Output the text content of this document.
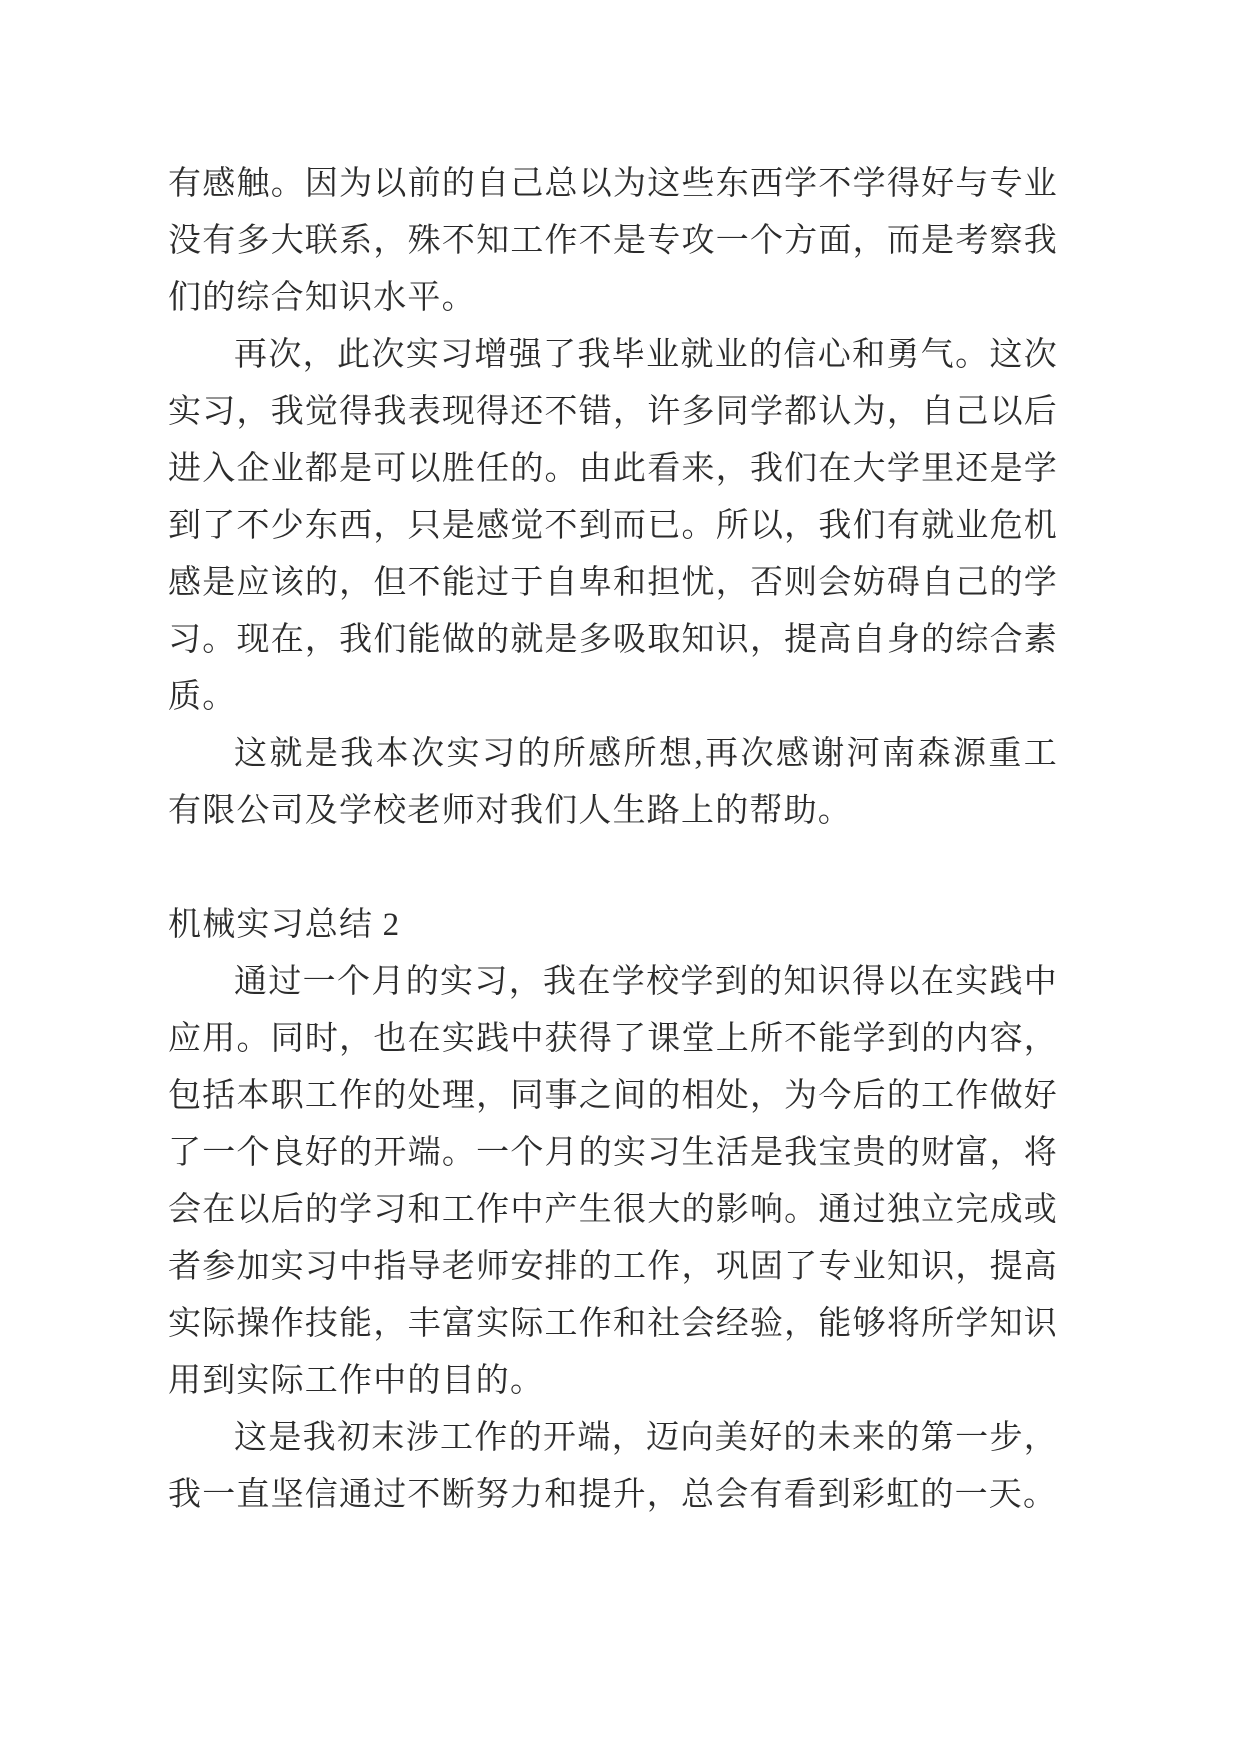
有感触。因为以前的自己总以为这些东西学不学得好与专业没有多大联系，殊不知工作不是专攻一个方面，而是考察我们的综合知识水平。

再次，此次实习增强了我毕业就业的信心和勇气。这次实习，我觉得我表现得还不错，许多同学都认为，自己以后进入企业都是可以胜任的。由此看来，我们在大学里还是学到了不少东西，只是感觉不到而已。所以，我们有就业危机感是应该的，但不能过于自卑和担忧，否则会妨碍自己的学习。现在，我们能做的就是多吸取知识，提高自身的综合素质。

这就是我本次实习的所感所想,再次感谢河南森源重工有限公司及学校老师对我们人生路上的帮助。

机械实习总结 2

通过一个月的实习，我在学校学到的知识得以在实践中应用。同时，也在实践中获得了课堂上所不能学到的内容，包括本职工作的处理，同事之间的相处，为今后的工作做好了一个良好的开端。一个月的实习生活是我宝贵的财富，将会在以后的学习和工作中产生很大的影响。通过独立完成或者参加实习中指导老师安排的工作，巩固了专业知识，提高实际操作技能，丰富实际工作和社会经验，能够将所学知识用到实际工作中的目的。

这是我初末涉工作的开端，迈向美好的未来的第一步，我一直坚信通过不断努力和提升，总会有看到彩虹的一天。
